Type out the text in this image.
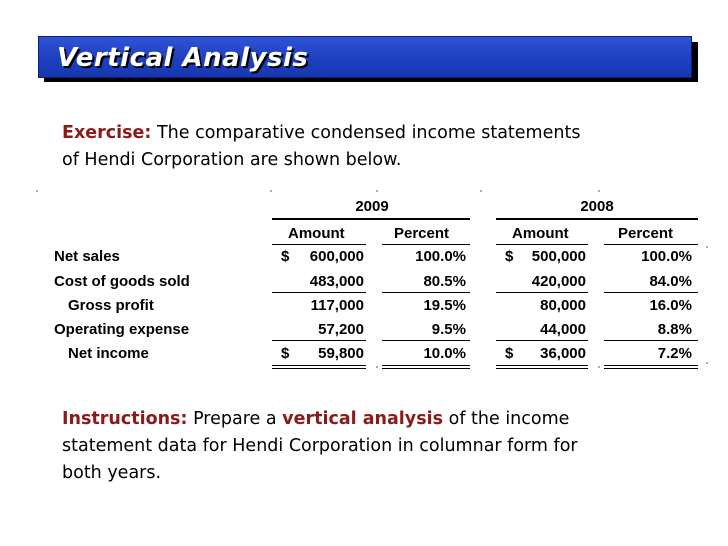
Vertical Analysis
Exercise: The comparative condensed income statements
of Hendi Corporation are shown below.
2009	2008
Amount	Percent	Amount	Percent
Net sales	$	600,000	100.0%	$	500,000	100.0%
Cost of goods sold	483,000	80.5%	420,000	84.0%
Gross profit	117,000	19.5%	80,000	16.0%
Operating expense	57,200	9.5%	44,000	8.8%
Net income	$	59,800	10.0%	$	36,000	7.2%
Instructions: Prepare a vertical analysis of the income
statement data for Hendi Corporation in columnar form for
both years.
